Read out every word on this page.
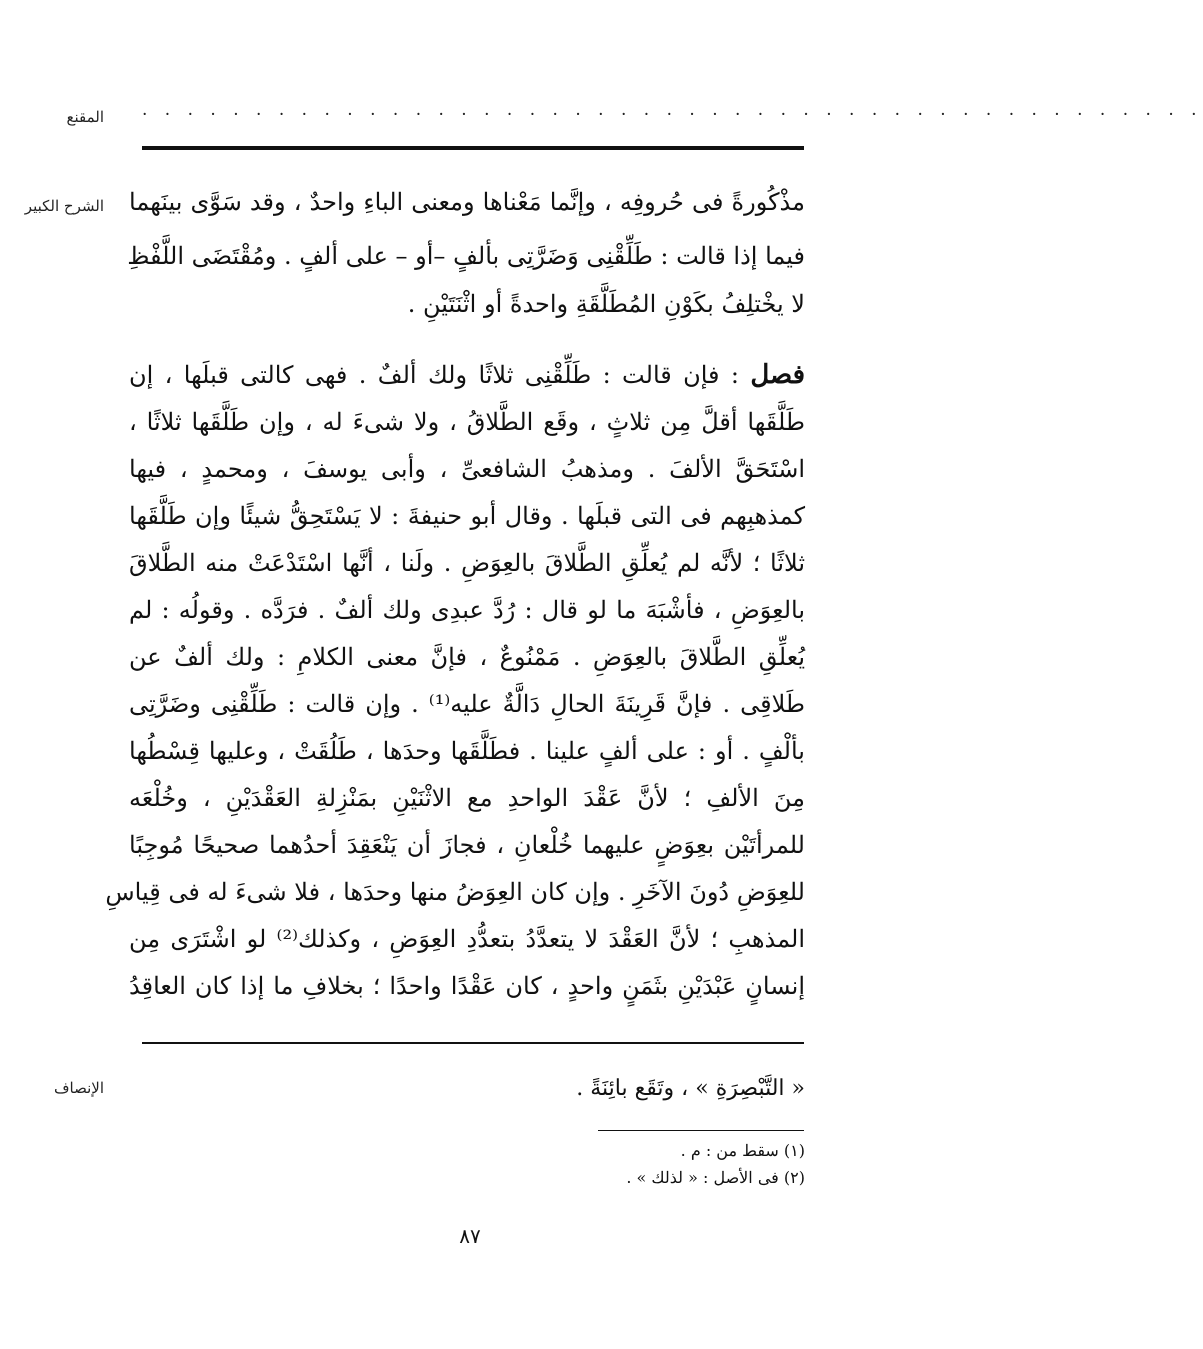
المقنع · · · · · · · · · · · · · · · · · · · · · · · · · · · · · · · · · · · · · · · · · · · · · · ·
الشرح الكبير
الإنصاف
مذْكُورةً فى حُروفِه ، وإنَّما مَعْناها ومعنى الباءِ واحدٌ ، وقد سَوَّى بينَهما
فيما إذا قالت : طَلِّقْنِى وَضَرَّتِى بألفٍ –أو – على ألفٍ . ومُقْتَضَى اللَّفْظِ
لا يخْتلِفُ بكَوْنِ المُطَلَّقَةِ واحدةً أو اثْنَتَيْنِ .
فصل : فإن قالت : طَلِّقْنِى ثلاثًا ولك ألفٌ . فهى كالتى قبلَها ، إن
طَلَّقَها أقلَّ مِن ثلاثٍ ، وقَع الطَّلاقُ ، ولا شىءَ له ، وإن طَلَّقَها ثلاثًا ،
اسْتَحَقَّ الألفَ . ومذهبُ الشافعىِّ ، وأبى يوسفَ ، ومحمدٍ ، فيها
كمذهبِهم فى التى قبلَها . وقال أبو حنيفةَ : لا يَسْتَحِقُّ شيئًا وإن طَلَّقَها
ثلاثًا ؛ لأنَّه لم يُعلِّقِ الطَّلاقَ بالعِوَضِ . ولَنا ، أنَّها اسْتَدْعَتْ منه الطَّلاقَ
بالعِوَضِ ، فأشْبَهَ ما لو قال : رُدَّ عبدِى ولك ألفٌ . فرَدَّه . وقولُه : لم
يُعلِّقِ الطَّلاقَ بالعِوَضِ . مَمْنُوعٌ ، فإنَّ معنى الكلامِ : ولك ألفٌ عن
طَلاقِى . فإنَّ قَرِينَةَ الحالِ دَالَّةٌ عليه⁽¹⁾ . وإن قالت : طَلِّقْنِى وضَرَّتِى
بألْفٍ . أو : على ألفٍ علينا . فطَلَّقَها وحدَها ، طَلُقَتْ ، وعليها قِسْطُها
مِنَ الألفِ ؛ لأنَّ عَقْدَ الواحدِ مع الاثْنَيْنِ بمَنْزِلةِ العَقْدَيْنِ ، وخُلْعَه
للمرأتَيْن بعِوَضٍ عليهما خُلْعانِ ، فجازَ أن يَنْعَقِدَ أحدُهما صحيحًا مُوجِبًا
للعِوَضِ دُونَ الآخَرِ . وإن كان العِوَضُ منها وحدَها ، فلا شىءَ له فى قِياسِ
المذهبِ ؛ لأنَّ العَقْدَ لا يتعدَّدُ بتعدُّدِ العِوَضِ ، وكذلك⁽²⁾ لو اشْتَرَى مِن
إنسانٍ عَبْدَيْنِ بثَمَنٍ واحدٍ ، كان عَقْدًا واحدًا ؛ بخلافِ ما إذا كان العاقِدُ
« التَّبْصِرَةِ » ، وتَقَع بائِنَةً .
(١) سقط من : م .
(٢) فى الأصل : « لذلك » .
٨٧
